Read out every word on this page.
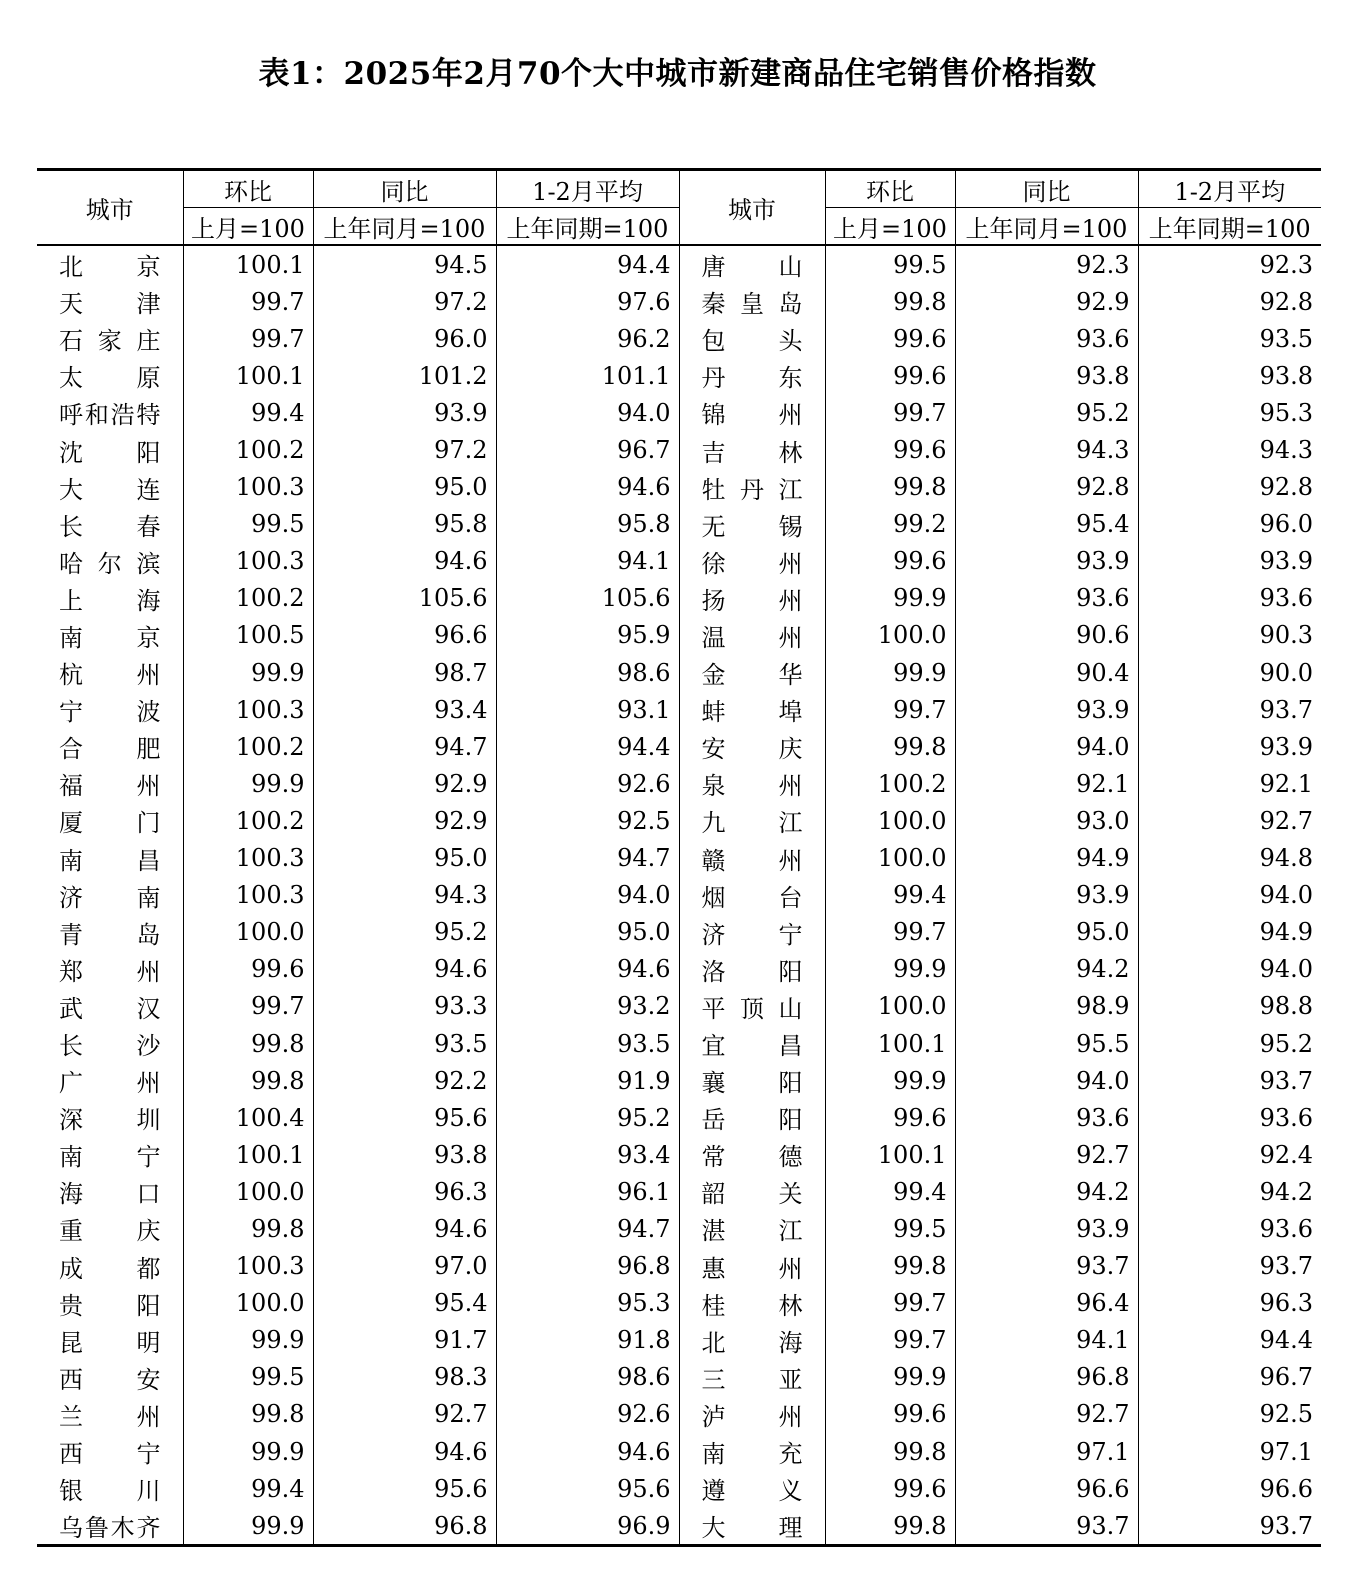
表1：2025年2月70个大中城市新建商品住宅销售价格指数
城市	环比	同比	1-2月平均	城市	环比	同比	1-2月平均
	上月=100	上年同月=100	上年同期=100		上月=100	上年同月=100	上年同期=100
北京	100.1	94.5	94.4	唐山	99.5	92.3	92.3
天津	99.7	97.2	97.6	秦皇岛	99.8	92.9	92.8
石家庄	99.7	96.0	96.2	包头	99.6	93.6	93.5
太原	100.1	101.2	101.1	丹东	99.6	93.8	93.8
呼和浩特	99.4	93.9	94.0	锦州	99.7	95.2	95.3
沈阳	100.2	97.2	96.7	吉林	99.6	94.3	94.3
大连	100.3	95.0	94.6	牡丹江	99.8	92.8	92.8
长春	99.5	95.8	95.8	无锡	99.2	95.4	96.0
哈尔滨	100.3	94.6	94.1	徐州	99.6	93.9	93.9
上海	100.2	105.6	105.6	扬州	99.9	93.6	93.6
南京	100.5	96.6	95.9	温州	100.0	90.6	90.3
杭州	99.9	98.7	98.6	金华	99.9	90.4	90.0
宁波	100.3	93.4	93.1	蚌埠	99.7	93.9	93.7
合肥	100.2	94.7	94.4	安庆	99.8	94.0	93.9
福州	99.9	92.9	92.6	泉州	100.2	92.1	92.1
厦门	100.2	92.9	92.5	九江	100.0	93.0	92.7
南昌	100.3	95.0	94.7	赣州	100.0	94.9	94.8
济南	100.3	94.3	94.0	烟台	99.4	93.9	94.0
青岛	100.0	95.2	95.0	济宁	99.7	95.0	94.9
郑州	99.6	94.6	94.6	洛阳	99.9	94.2	94.0
武汉	99.7	93.3	93.2	平顶山	100.0	98.9	98.8
长沙	99.8	93.5	93.5	宜昌	100.1	95.5	95.2
广州	99.8	92.2	91.9	襄阳	99.9	94.0	93.7
深圳	100.4	95.6	95.2	岳阳	99.6	93.6	93.6
南宁	100.1	93.8	93.4	常德	100.1	92.7	92.4
海口	100.0	96.3	96.1	韶关	99.4	94.2	94.2
重庆	99.8	94.6	94.7	湛江	99.5	93.9	93.6
成都	100.3	97.0	96.8	惠州	99.8	93.7	93.7
贵阳	100.0	95.4	95.3	桂林	99.7	96.4	96.3
昆明	99.9	91.7	91.8	北海	99.7	94.1	94.4
西安	99.5	98.3	98.6	三亚	99.9	96.8	96.7
兰州	99.8	92.7	92.6	泸州	99.6	92.7	92.5
西宁	99.9	94.6	94.6	南充	99.8	97.1	97.1
银川	99.4	95.6	95.6	遵义	99.6	96.6	96.6
乌鲁木齐	99.9	96.8	96.9	大理	99.8	93.7	93.7
